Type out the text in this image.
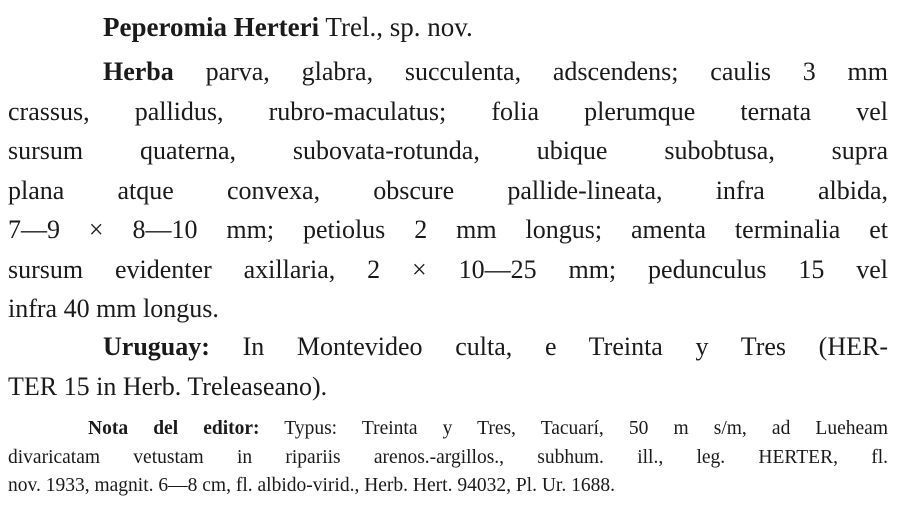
Peperomia Herteri Trel., sp. nov.
Herba parva, glabra, succulenta, adscendens; caulis 3 mm
crassus, pallidus, rubro-maculatus; folia plerumque ternata vel
sursum quaterna, subovata-rotunda, ubique subobtusa, supra
plana atque convexa, obscure pallide-lineata, infra albida,
7—9 × 8—10 mm; petiolus 2 mm longus; amenta terminalia et
sursum evidenter axillaria, 2 × 10—25 mm; pedunculus 15 vel
infra 40 mm longus.
Uruguay: In Montevideo culta, e Treinta y Tres (HER-
TER 15 in Herb. Treleaseano).
Nota del editor: Typus: Treinta y Tres, Tacuarí, 50 m s/m, ad Lueheam
divaricatam vetustam in ripariis arenos.-argillos., subhum. ill., leg. HERTER, fl.
nov. 1933, magnit. 6—8 cm, fl. albido-virid., Herb. Hert. 94032, Pl. Ur. 1688.
